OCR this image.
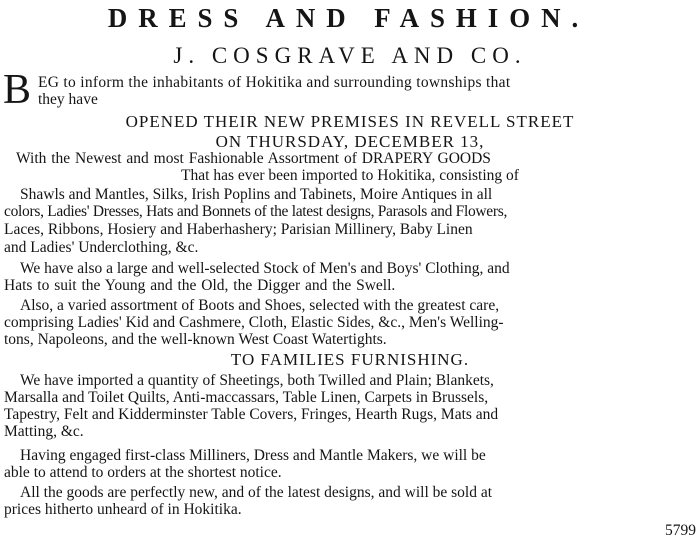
DRESS AND FASHION.
J. COSGRAVE AND CO.
B EG to inform the inhabitants of Hokitika and surrounding townships that
they have
OPENED THEIR NEW PREMISES IN REVELL STREET
ON THURSDAY, DECEMBER 13,
With the Newest and most Fashionable Assortment of DRAPERY GOODS
That has ever been imported to Hokitika, consisting of
Shawls and Mantles, Silks, Irish Poplins and Tabinets, Moire Antiques in all
colors, Ladies' Dresses, Hats and Bonnets of the latest designs, Parasols and Flowers,
Laces, Ribbons, Hosiery and Haberhashery; Parisian Millinery, Baby Linen
and Ladies' Underclothing, &c.
We have also a large and well-selected Stock of Men's and Boys' Clothing, and
Hats to suit the Young and the Old, the Digger and the Swell.
Also, a varied assortment of Boots and Shoes, selected with the greatest care,
comprising Ladies' Kid and Cashmere, Cloth, Elastic Sides, &c., Men's Welling-
tons, Napoleons, and the well-known West Coast Watertights.
TO FAMILIES FURNISHING.
We have imported a quantity of Sheetings, both Twilled and Plain; Blankets,
Marsalla and Toilet Quilts, Anti-maccassars, Table Linen, Carpets in Brussels,
Tapestry, Felt and Kidderminster Table Covers, Fringes, Hearth Rugs, Mats and
Matting, &c.
Having engaged first-class Milliners, Dress and Mantle Makers, we will be
able to attend to orders at the shortest notice.
All the goods are perfectly new, and of the latest designs, and will be sold at
prices hitherto unheard of in Hokitika.
5799
